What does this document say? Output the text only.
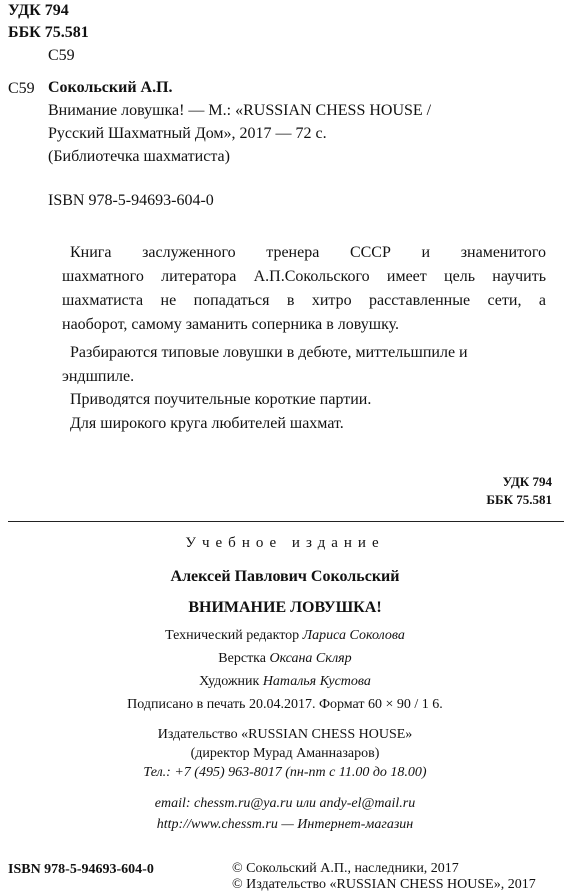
УДК 794
ББК 75.581
С59
С59 Сокольский А.П.
Внимание ловушка! — М.: «RUSSIAN CHESS HOUSE /
Русский Шахматный Дом», 2017 — 72 с.
(Библиотечка шахматиста)
ISBN 978-5-94693-604-0
Книга заслуженного тренера СССР и знаменитого
шахматного литератора А.П.Сокольского имеет цель научить
шахматиста не попадаться в хитро расставленные сети, а
наоборот, самому заманить соперника в ловушку.
Разбираются типовые ловушки в дебюте, миттельшпиле и
эндшпиле.
Приводятся поучительные короткие партии.
Для широкого круга любителей шахмат.
УДК 794
ББК 75.581
Учебное издание
Алексей Павлович Сокольский
ВНИМАНИЕ ЛОВУШКА!
Технический редактор Лариса Соколова
Верстка Оксана Скляр
Художник Наталья Кустова
Подписано в печать 20.04.2017. Формат 60 × 90 / 1 6.
Издательство «RUSSIAN CHESS HOUSE»
(директор Мурад Аманназаров)
Тел.: +7 (495) 963-8017 (пн-пт с 11.00 до 18.00)
email: chessm.ru@ya.ru или andy-el@mail.ru
http://www.chessm.ru — Интернет-магазин
ISBN 978-5-94693-604-0	© Сокольский А.П., наследники, 2017
© Издательство «RUSSIAN CHESS HOUSE», 2017
